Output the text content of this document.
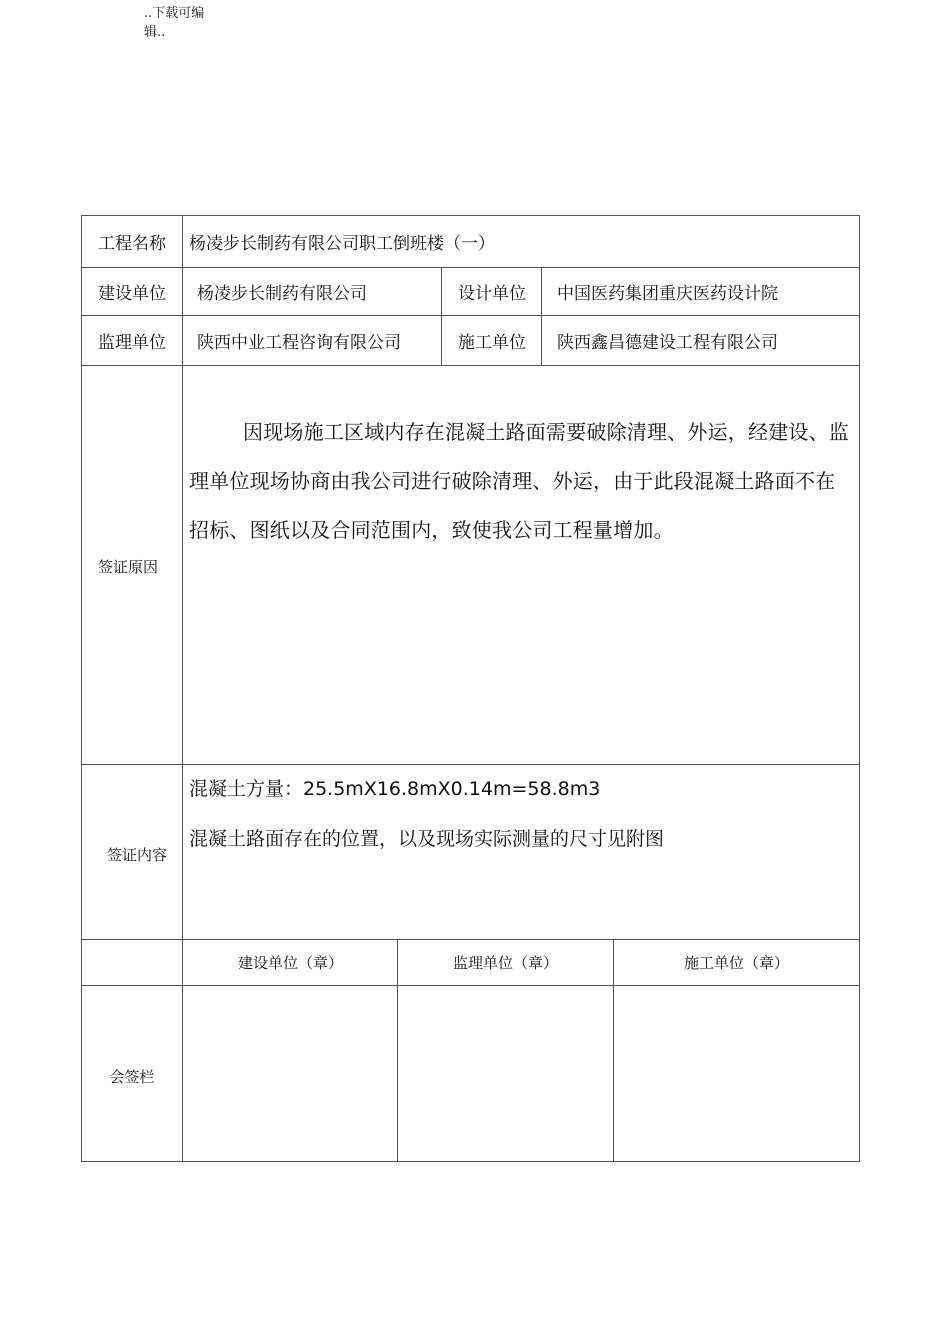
..下载可编辑..
工程名称	杨凌步长制药有限公司职工倒班楼（一）
建设单位	杨凌步长制药有限公司	设计单位	中国医药集团重庆医药设计院
监理单位	陕西中业工程咨询有限公司	施工单位	陕西鑫昌德建设工程有限公司
签证原因
因现场施工区域内存在混凝土路面需要破除清理、外运，经建设、监理单位现场协商由我公司进行破除清理、外运，由于此段混凝土路面不在招标、图纸以及合同范围内，致使我公司工程量增加。
签证内容
混凝土方量：25.5mX16.8mX0.14m=58.8m3
混凝土路面存在的位置，以及现场实际测量的尺寸见附图
建设单位（章）	监理单位（章）	施工单位（章）
会签栏
